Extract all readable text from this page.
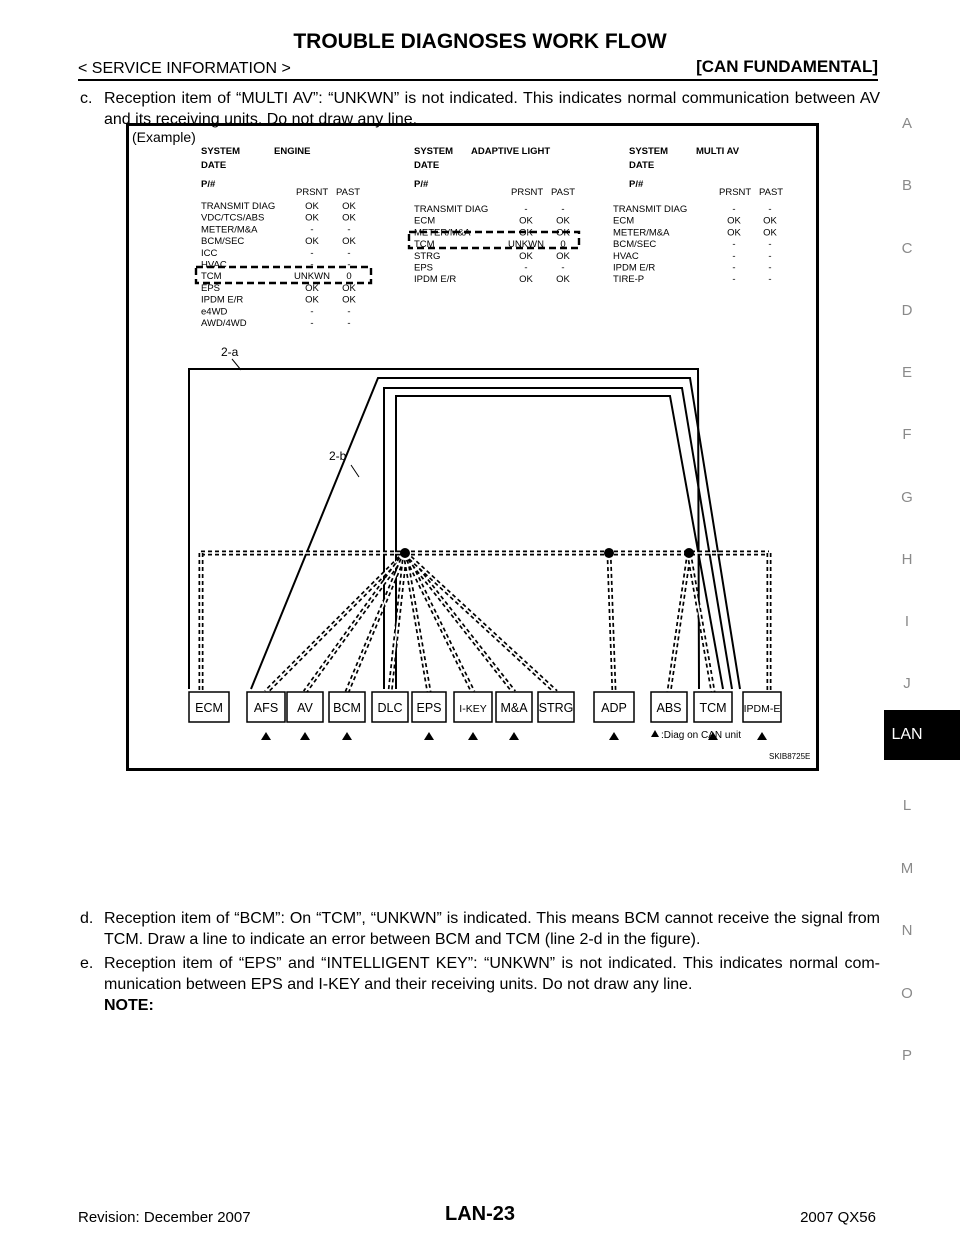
TROUBLE DIAGNOSES WORK FLOW
< SERVICE INFORMATION >	[CAN FUNDAMENTAL]
c. Reception item of “MULTI AV”: “UNKWN” is not indicated. This indicates normal communication between AV and its receiving units. Do not draw any line.
(Example)
SYSTEM	ENGINE
DATE
P/#
PRSNT PAST
TRANSMIT DIAG	OK OK
VDC/TCS/ABS	OK OK
METER/M&A	-	-
BCM/SEC	OK OK
ICC	-	-
HVAC	-	-
TCM	UNKWN 0
EPS	OK OK
IPDM E/R	OK OK
e4WD	-	-
AWD/4WD	-	-
SYSTEM ADAPTIVE LIGHT
DATE
P/#
PRSNT PAST
TRANSMIT DIAG	-	-
ECM	OK OK
METER/M&A	OK OK
TCM	UNKWN 0
STRG	OK OK
EPS	-	-
IPDM E/R	OK OK
SYSTEM	MULTI AV
DATE
P/#
PRSNT PAST
TRANSMIT DIAG	-	-
ECM	OK OK
METER/M&A	OK OK
BCM/SEC	-	-
HVAC	-	-
IPDM E/R	-	-
TIRE-P	-	-
2-a
2-b
ECM AFS AV BCM DLC EPS I-KEY M&A STRG ADP ABS TCM IPDM-E
:Diag on CAN unit
SKIB8725E
d. Reception item of “BCM”: On “TCM”, “UNKWN” is indicated. This means BCM cannot receive the signal from TCM. Draw a line to indicate an error between BCM and TCM (line 2-d in the figure).
e. Reception item of “EPS” and “INTELLIGENT KEY”: “UNKWN” is not indicated. This indicates normal com-munication between EPS and I-KEY and their receiving units. Do not draw any line.
NOTE:
A
B
C
D
E
F
G
H
I
J
L
M
N
O
P
LAN
Revision: December 2007	LAN-23	2007 QX56
